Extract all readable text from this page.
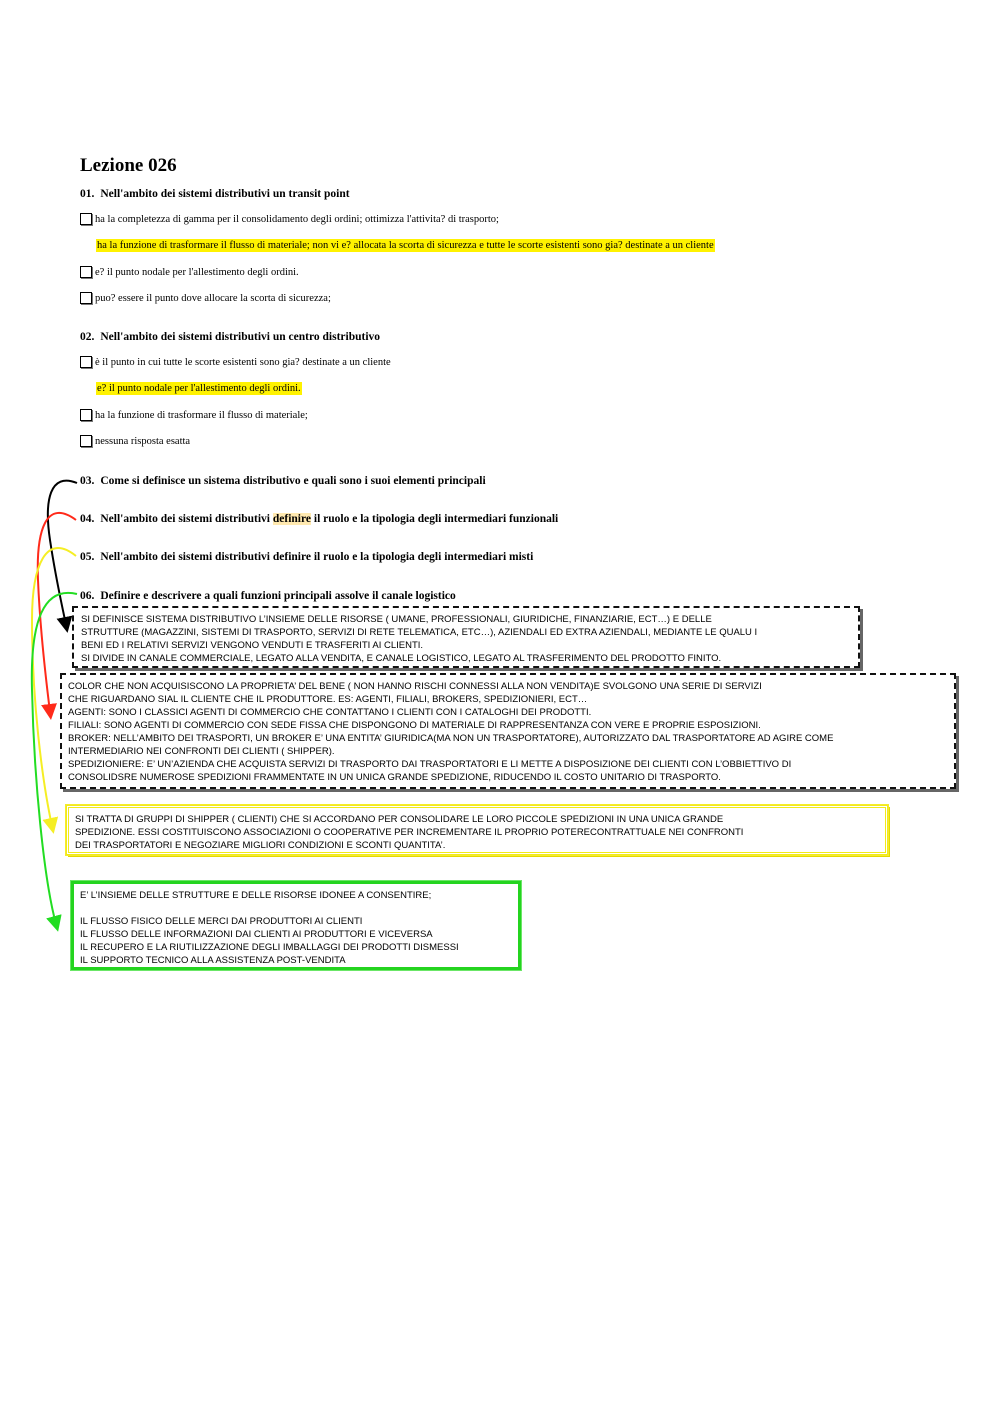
Lezione 026
01. Nell'ambito dei sistemi distributivi un transit point
ha la completezza di gamma per il consolidamento degli ordini; ottimizza l'attivita? di trasporto;
ha la funzione di trasformare il flusso di materiale; non vi e? allocata la scorta di sicurezza e tutte le scorte esistenti sono gia? destinate a un cliente
e? il punto nodale per l'allestimento degli ordini.
puo? essere il punto dove allocare la scorta di sicurezza;
02. Nell'ambito dei sistemi distributivi un centro distributivo
è il punto in cui tutte le scorte esistenti sono gia? destinate a un cliente
e? il punto nodale per l'allestimento degli ordini.
ha la funzione di trasformare il flusso di materiale;
nessuna risposta esatta
03. Come si definisce un sistema distributivo e quali sono i suoi elementi principali
04. Nell'ambito dei sistemi distributivi definire il ruolo e la tipologia degli intermediari funzionali
05. Nell'ambito dei sistemi distributivi definire il ruolo e la tipologia degli intermediari misti
06. Definire e descrivere a quali funzioni principali assolve il canale logistico

SI DEFINISCE SISTEMA DISTRIBUTIVO L’INSIEME DELLE RISORSE ( UMANE, PROFESSIONALI, GIURIDICHE, FINANZIARIE, ECT…) E DELLE

STRUTTURE (MAGAZZINI, SISTEMI DI TRASPORTO, SERVIZI DI RETE TELEMATICA, ETC…), AZIENDALI ED EXTRA AZIENDALI, MEDIANTE LE QUALU I

BENI ED I RELATIVI SERVIZI VENGONO VENDUTI E TRASFERITI AI CLIENTI.

SI DIVIDE IN CANALE COMMERCIALE, LEGATO ALLA VENDITA, E CANALE LOGISTICO, LEGATO AL TRASFERIMENTO DEL PRODOTTO FINITO.

COLOR CHE NON ACQUISISCONO LA PROPRIETA’ DEL BENE ( NON HANNO RISCHI CONNESSI ALLA NON VENDITA)E SVOLGONO UNA SERIE DI SERVIZI

CHE RIGUARDANO SIAL IL CLIENTE CHE IL PRODUTTORE. ES: AGENTI, FILIALI, BROKERS, SPEDIZIONIERI, ECT…

AGENTI: SONO I CLASSICI AGENTI DI COMMERCIO CHE CONTATTANO I CLIENTI CON I CATALOGHI DEI PRODOTTI.

FILIALI: SONO AGENTI DI COMMERCIO CON SEDE FISSA CHE DISPONGONO DI MATERIALE DI RAPPRESENTANZA CON VERE E PROPRIE ESPOSIZIONI.

BROKER: NELL’AMBITO DEI TRASPORTI, UN BROKER E’ UNA ENTITA’ GIURIDICA(MA NON UN TRASPORTATORE), AUTORIZZATO DAL TRASPORTATORE AD AGIRE COME

INTERMEDIARIO NEI CONFRONTI DEI CLIENTI ( SHIPPER).

SPEDIZIONIERE: E’ UN’AZIENDA CHE ACQUISTA SERVIZI DI TRASPORTO DAI TRASPORTATORI E LI METTE A DISPOSIZIONE DEI CLIENTI CON L’OBBIETTIVO DI

CONSOLIDSRE NUMEROSE SPEDIZIONI FRAMMENTATE IN UN UNICA GRANDE SPEDIZIONE, RIDUCENDO IL COSTO UNITARIO DI TRASPORTO.

SI TRATTA DI GRUPPI DI SHIPPER ( CLIENTI) CHE SI ACCORDANO PER CONSOLIDARE LE LORO PICCOLE SPEDIZIONI IN UNA UNICA GRANDE

SPEDIZIONE. ESSI COSTITUISCONO ASSOCIAZIONI O COOPERATIVE PER INCREMENTARE IL PROPRIO POTERECONTRATTUALE NEI CONFRONTI

DEI TRASPORTATORI E NEGOZIARE MIGLIORI CONDIZIONI E SCONTI QUANTITA’.

E’ L’INSIEME DELLE STRUTTURE E DELLE RISORSE IDONEE A CONSENTIRE;

IL FLUSSO FISICO DELLE MERCI DAI PRODUTTORI AI CLIENTI

IL FLUSSO DELLE INFORMAZIONI DAI CLIENTI AI PRODUTTORI E VICEVERSA

IL RECUPERO E LA RIUTILIZZAZIONE DEGLI IMBALLAGGI DEI PRODOTTI DISMESSI

IL SUPPORTO TECNICO ALLA ASSISTENZA POST-VENDITA
